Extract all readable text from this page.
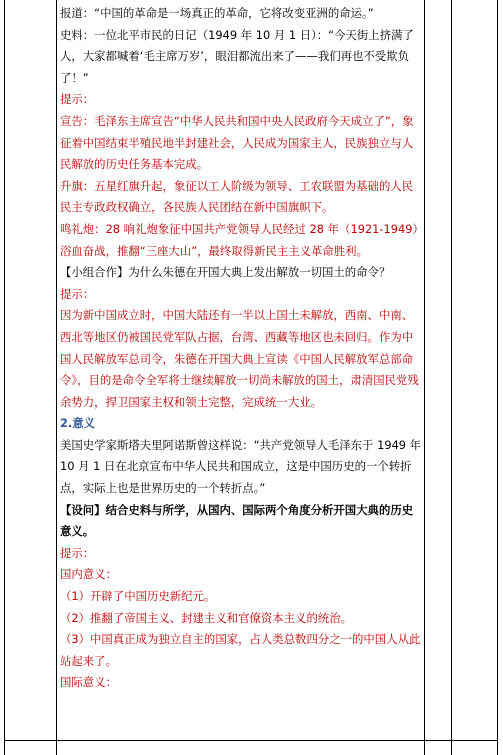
报道：“中国的革命是一场真正的革命，它将改变亚洲的命运。”

史料：一位北平市民的日记（1949 年 10 月 1 日）：“今天街上挤满了人，大家都喊着‘毛主席万岁’，眼泪都流出来了——我们再也不受欺负了！”

提示：

宣告：毛泽东主席宣告“中华人民共和国中央人民政府今天成立了”，象征着中国结束半殖民地半封建社会，人民成为国家主人，民族独立与人民解放的历史任务基本完成。

升旗：五星红旗升起，象征以工人阶级为领导、工农联盟为基础的人民民主专政政权确立，各民族人民团结在新中国旗帜下。

鸣礼炮：28 响礼炮象征中国共产党领导人民经过 28 年（1921-1949）浴血奋战，推翻“三座大山”，最终取得新民主主义革命胜利。

【小组合作】为什么朱德在开国大典上发出解放一切国土的命令？

提示：

因为新中国成立时，中国大陆还有一半以上国土未解放，西南、中南、西北等地区仍被国民党军队占据，台湾、西藏等地区也未回归。作为中国人民解放军总司令，朱德在开国大典上宣读《中国人民解放军总部命令》，目的是命令全军将士继续解放一切尚未解放的国土，肃清国民党残余势力，捍卫国家主权和领土完整，完成统一大业。

2.意义

美国史学家斯塔夫里阿诺斯曾这样说：“共产党领导人毛泽东于 1949 年 10 月 1 日在北京宣布中华人民共和国成立，这是中国历史的一个转折点，实际上也是世界历史的一个转折点。”

【设问】结合史料与所学，从国内、国际两个角度分析开国大典的历史意义。

提示：

国内意义：

（1）开辟了中国历史新纪元。

（2）推翻了帝国主义、封建主义和官僚资本主义的统治。

（3）中国真正成为独立自主的国家，占人类总数四分之一的中国人从此站起来了。

国际意义：
